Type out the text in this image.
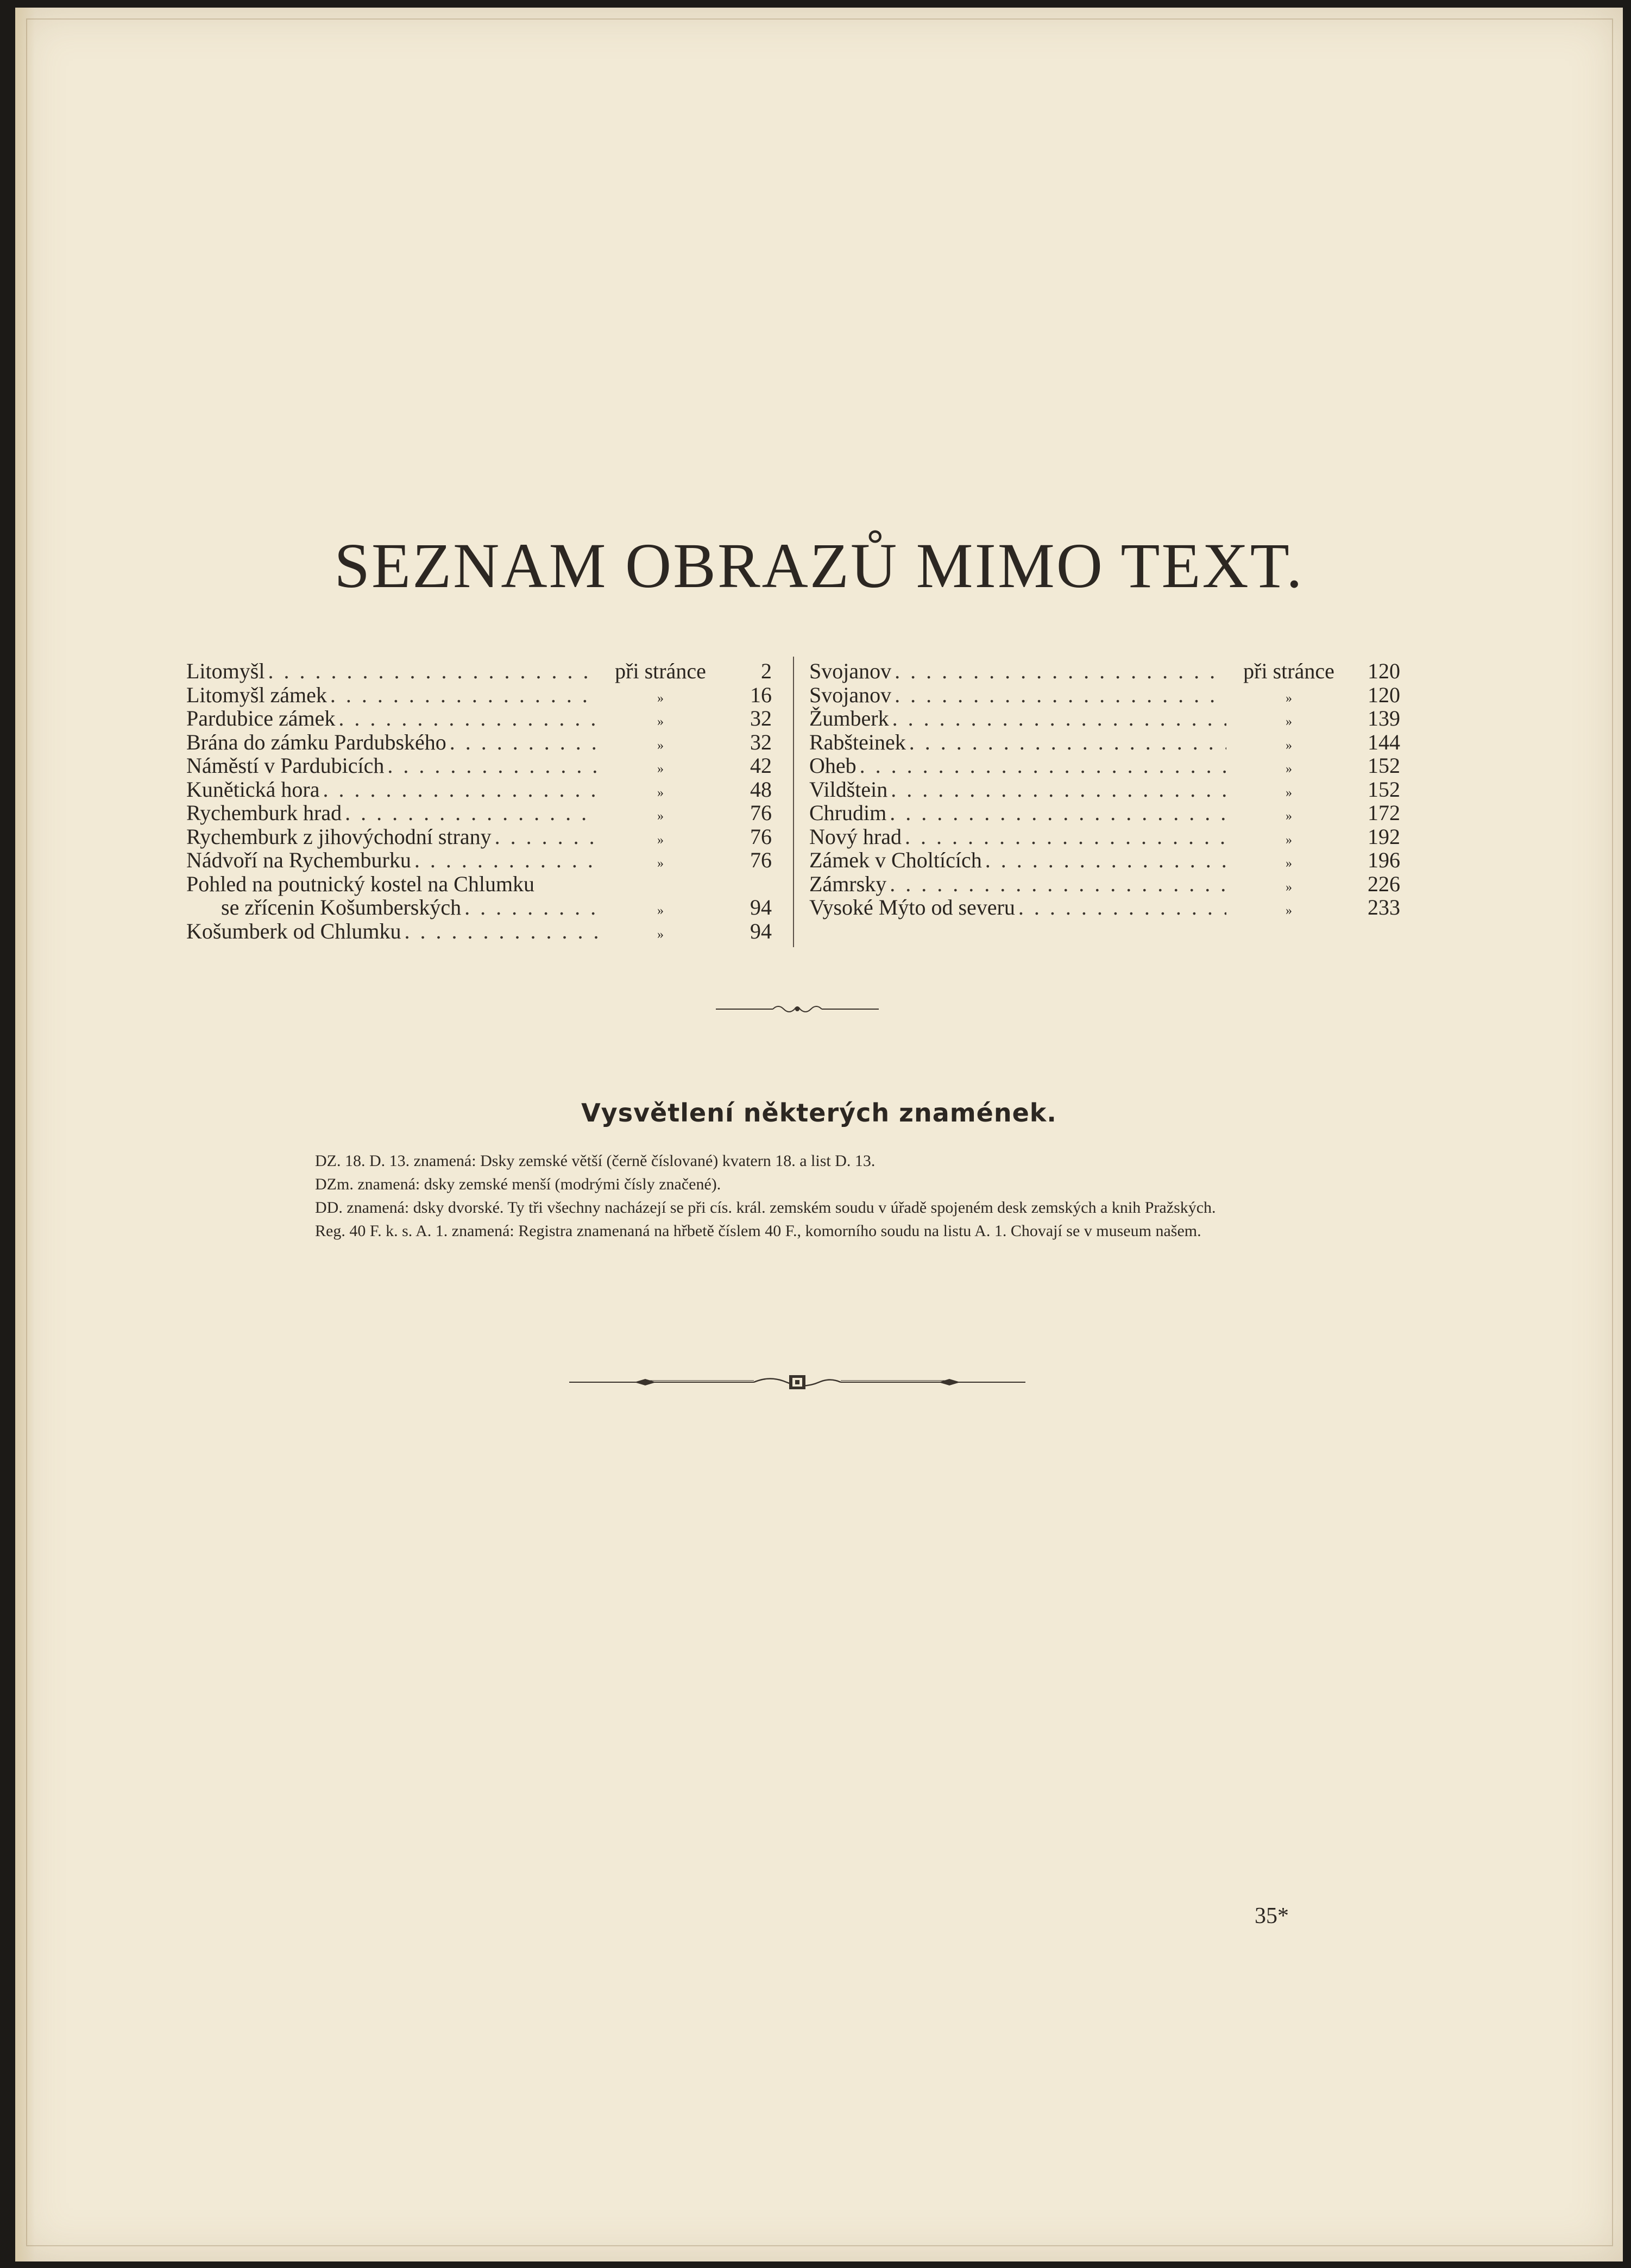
SEZNAM OBRAZŮ MIMO TEXT.
Litomyšl . . .	při stránce	2
Litomyšl zámek . . .	»	16
Pardubice zámek . . .	»	32
Brána do zámku Pardubského . . .	»	32
Náměstí v Pardubicích . . .	»	42
Kunětická hora . . .	»	48
Rychemburk hrad . . .	»	76
Rychemburk z jihovýchodní strany . . .	»	76
Nádvoří na Rychemburku . . .	»	76
Pohled na poutnický kostel na Chlumku
se zřícenin Košumberských . . .	»	94
Košumberk od Chlumku . . .	»	94
Svojanov . . .	při stránce	120
Svojanov . . .	»	120
Žumberk . . .	»	139
Rabšteinek . . .	»	144
Oheb . . .	»	152
Vildštein . . .	»	152
Chrudim . . .	»	172
Nový hrad . . .	»	192
Zámek v Choltících . . .	»	196
Zámrsky . . .	»	226
Vysoké Mýto od severu . . .	»	233
Vysvětlení některých znamének.

DZ. 18. D. 13. znamená: Dsky zemské větší (černě číslované) kvatern 18. a list D. 13.

DZm. znamená: dsky zemské menší (modrými čísly značené).

DD. znamená: dsky dvorské. Ty tři všechny nacházejí se při cís. král. zemském soudu v úřadě spojeném desk zemských a knih Pražských.

Reg. 40 F. k. s. A. 1. znamená: Registra znamenaná na hřbetě číslem 40 F., komorního soudu na listu A. 1. Chovají se v museum našem.

35*
